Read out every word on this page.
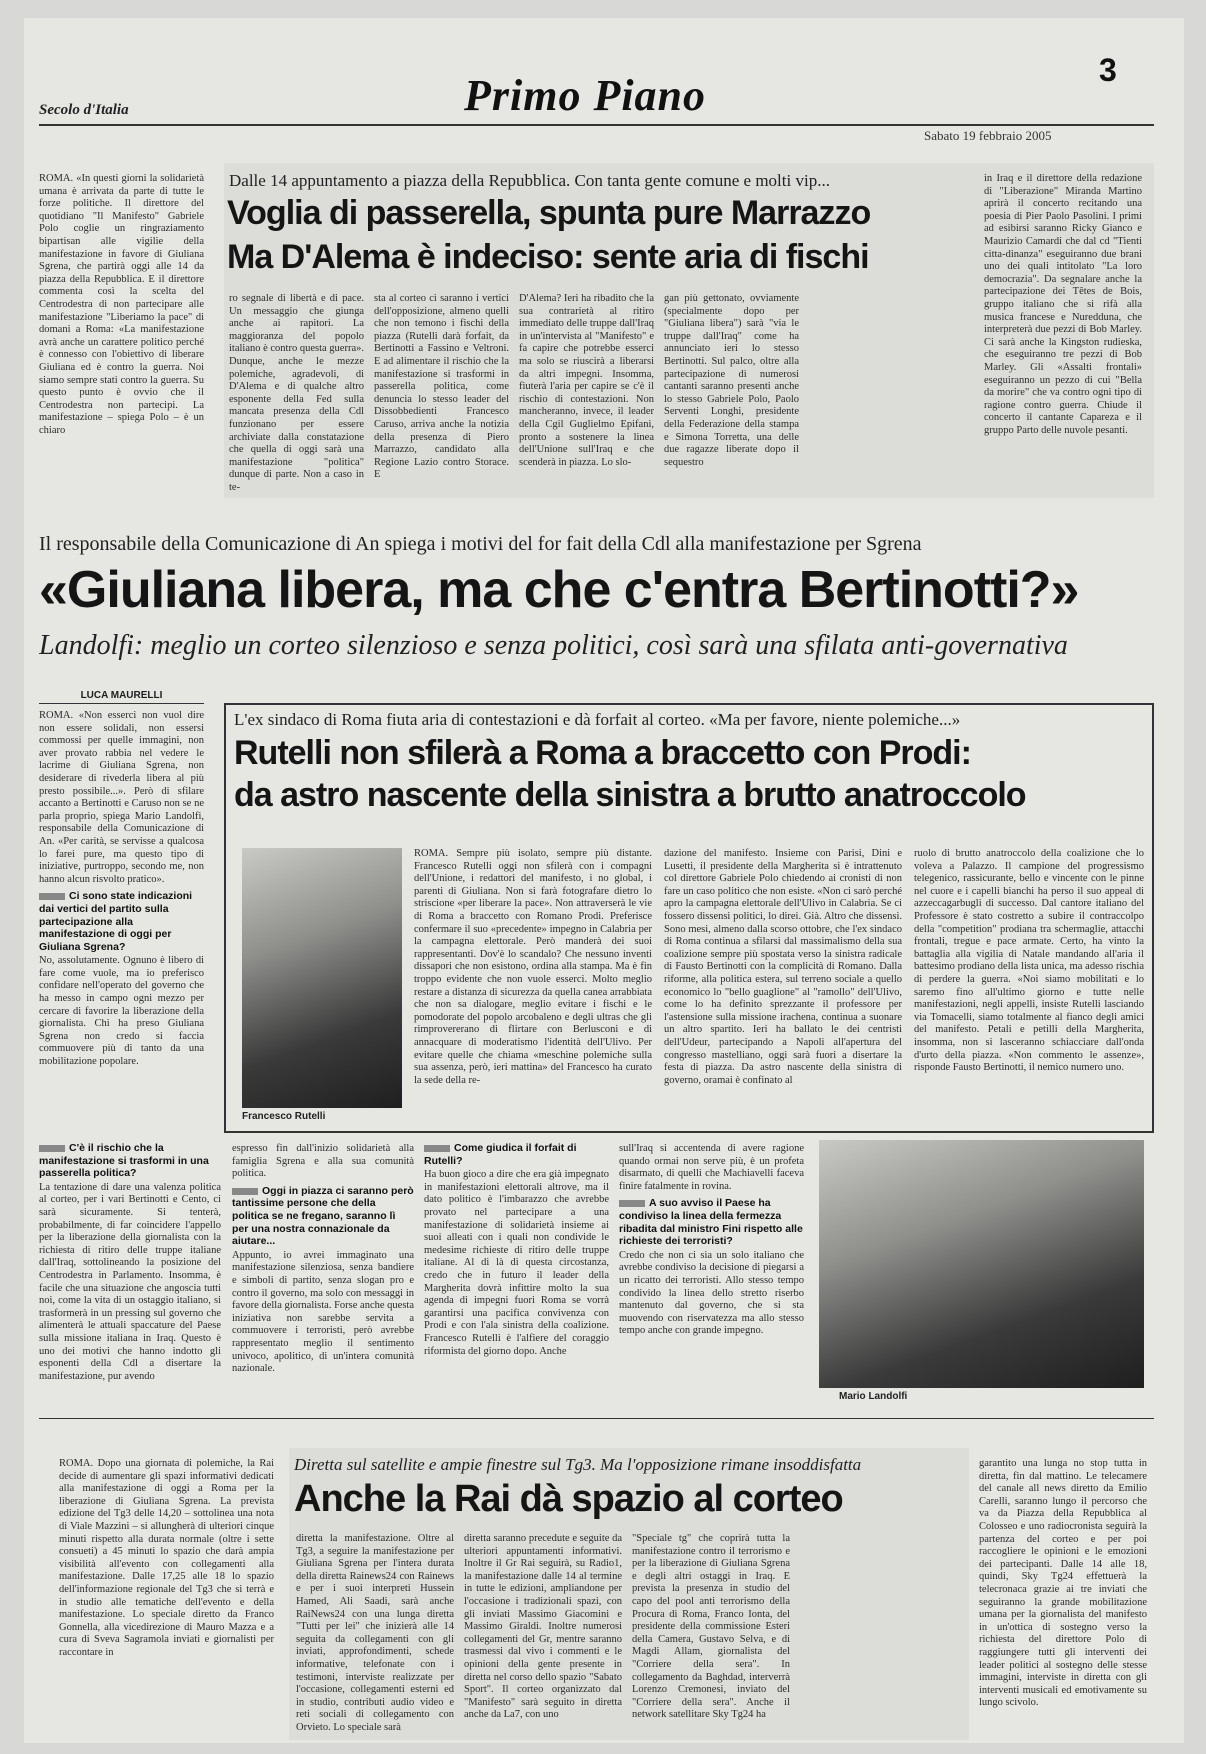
Secolo d'Italia	Primo Piano
3
Sabato 19 febbraio 2005

ROMA. «In questi giorni la solidarietà umana è arrivata da parte di tutte le forze politiche. Il direttore del quotidiano "Il Manifesto" Gabriele Polo coglie un ringraziamento bipartisan alle vigilie della manifestazione in favore di Giuliana Sgrena, che partirà oggi alle 14 da piazza della Repubblica. E il direttore commenta così la scelta del Centrodestra di non partecipare alle manifestazione "Liberiamo la pace" di domani a Roma: «La manifestazione avrà anche un carattere politico perché è connesso con l'obiettivo di liberare Giuliana ed è contro la guerra. Noi siamo sempre stati contro la guerra. Su questo punto è ovvio che il Centrodestra non partecipi. La manifestazione – spiega Polo – è un chiaro

Dalle 14 appuntamento a piazza della Repubblica. Con tanta gente comune e molti vip...
Voglia di passerella, spunta pure Marrazzo
Ma D'Alema è indeciso: sente aria di fischi

ro segnale di libertà e di pace. Un messaggio che giunga anche ai rapitori. La maggioranza del popolo italiano è contro questa guerra». Dunque, anche le mezze polemiche, agradevoli, di D'Alema e di qualche altro esponente della Fed sulla mancata presenza della Cdl funzionano per essere archiviate dalla constatazione che quella di oggi sarà una manifestazione "politica" dunque di parte. Non a caso in te-

sta al corteo ci saranno i vertici dell'opposizione, almeno quelli che non temono i fischi della piazza (Rutelli darà forfait, da Bertinotti a Fassino e Veltroni. E ad alimentare il rischio che la manifestazione si trasformi in passerella politica, come denuncia lo stesso leader del Dissobbedienti Francesco Caruso, arriva anche la notizia della presenza di Piero Marrazzo, candidato alla Regione Lazio contro Storace. E

D'Alema? Ieri ha ribadito che la sua contrarietà al ritiro immediato delle truppe dall'Iraq in un'intervista al "Manifesto" e fa capire che potrebbe esserci ma solo se riuscirà a liberarsi da altri impegni. Insomma, fiuterà l'aria per capire se c'è il rischio di contestazioni. Non mancheranno, invece, il leader della Cgil Guglielmo Epifani, pronto a sostenere la linea dell'Unione sull'Iraq e che scenderà in piazza. Lo slo-

gan più gettonato, ovviamente (specialmente dopo per "Giuliana libera") sarà "via le truppe dall'Iraq" come ha annunciato ieri lo stesso Bertinotti. Sul palco, oltre alla partecipazione di numerosi cantanti saranno presenti anche lo stesso Gabriele Polo, Paolo Serventi Longhi, presidente della Federazione della stampa e Simona Torretta, una delle due ragazze liberate dopo il sequestro

in Iraq e il direttore della redazione di "Liberazione" Miranda Martino aprirà il concerto recitando una poesia di Pier Paolo Pasolini. I primi ad esibirsi saranno Ricky Gianco e Maurizio Camardi che dal cd "Tienti citta-dinanza" eseguiranno due brani uno dei quali intitolato "La loro democrazia". Da segnalare anche la partecipazione dei Têtes de Bois, gruppo italiano che si rifà alla musica francese e Nuredduna, che interpreterà due pezzi di Bob Marley. Ci sarà anche la Kingston rudieska, che eseguiranno tre pezzi di Bob Marley. Gli «Assalti frontali» eseguiranno un pezzo di cui "Bella da morire" che va contro ogni tipo di ragione contro guerra. Chiude il concerto il cantante Capareza e il gruppo Parto delle nuvole pesanti.

Il responsabile della Comunicazione di An spiega i motivi del for fait della Cdl alla manifestazione per Sgrena
«Giuliana libera, ma che c'entra Bertinotti?»
Landolfi: meglio un corteo silenzioso e senza politici, così sarà una sfilata anti-governativa
LUCA MAURELLI

ROMA. «Non esserci non vuol dire non essere solidali, non essersi commossi per quelle immagini, non aver provato rabbia nel vedere le lacrime di Giuliana Sgrena, non desiderare di rivederla libera al più presto possibile...». Però di sfilare accanto a Bertinotti e Caruso non se ne parla proprio, spiega Mario Landolfi, responsabile della Comunicazione di An. «Per carità, se servisse a qualcosa lo farei pure, ma questo tipo di iniziative, purtroppo, secondo me, non hanno alcun risvolto pratico».

Ci sono state indicazioni dai vertici del partito sulla partecipazione alla manifestazione di oggi per Giuliana Sgrena?

No, assolutamente. Ognuno è libero di fare come vuole, ma io preferisco confidare nell'operato del governo che ha messo in campo ogni mezzo per cercare di favorire la liberazione della giornalista. Chi ha preso Giuliana Sgrena non credo si faccia commuovere più di tanto da una mobilitazione popolare.

L'ex sindaco di Roma fiuta aria di contestazioni e dà forfait al corteo. «Ma per favore, niente polemiche...»
Rutelli non sfilerà a Roma a braccetto con Prodi:
da astro nascente della sinistra a brutto anatroccolo
Francesco Rutelli

ROMA. Sempre più isolato, sempre più distante. Francesco Rutelli oggi non sfilerà con i compagni dell'Unione, i redattori del manifesto, i no global, i parenti di Giuliana. Non si farà fotografare dietro lo striscione «per liberare la pace». Non attraverserà le vie di Roma a braccetto con Romano Prodi. Preferisce confermare il suo «precedente» impegno in Calabria per la campagna elettorale. Però manderà dei suoi rappresentanti. Dov'è lo scandalo? Che nessuno inventi dissapori che non esistono, ordina alla stampa. Ma è fin troppo evidente che non vuole esserci. Molto meglio restare a distanza di sicurezza da quella canea arrabbiata che non sa dialogare, meglio evitare i fischi e le pomodorate del popolo arcobaleno e degli ultras che gli rimprovererano di flirtare con Berlusconi e di annacquare di moderatismo l'identità dell'Ulivo. Per evitare quelle che chiama «meschine polemiche sulla sua assenza, però, ieri mattina» del Francesco ha curato la sede della re-

dazione del manifesto. Insieme con Parisi, Dini e Lusetti, il presidente della Margherita si è intrattenuto col direttore Gabriele Polo chiedendo ai cronisti di non fare un caso politico che non esiste. «Non ci sarò perché apro la campagna elettorale dell'Ulivo in Calabria. Se ci fossero dissensi politici, lo direi. Già. Altro che dissensi. Sono mesi, almeno dalla scorso ottobre, che l'ex sindaco di Roma continua a sfilarsi dal massimalismo della sua coalizione sempre più spostata verso la sinistra radicale di Fausto Bertinotti con la complicità di Romano. Dalla riforme, alla politica estera, sul terreno sociale a quello economico lo "bello guaglione" al "ramollo" dell'Ulivo, come lo ha definito sprezzante il professore per l'astensione sulla missione irachena, continua a suonare un altro spartito. Ieri ha ballato le dei centristi dell'Udeur, partecipando a Napoli all'apertura del congresso mastelliano, oggi sarà fuori a disertare la festa di piazza. Da astro nascente della sinistra di governo, oramai è confinato al

ruolo di brutto anatroccolo della coalizione che lo voleva a Palazzo. Il campione del progressismo telegenico, rassicurante, bello e vincente con le pinne nel cuore e i capelli bianchi ha perso il suo appeal di azzeccagarbugli di successo. Dal cantore italiano del Professore è stato costretto a subire il contraccolpo della "competition" prodiana tra schermaglie, attacchi frontali, tregue e pace armate. Certo, ha vinto la battaglia alla vigilia di Natale mandando all'aria il battesimo prodiano della lista unica, ma adesso rischia di perdere la guerra. «Noi siamo mobilitati e lo saremo fino all'ultimo giorno e tutte nelle manifestazioni, negli appelli, insiste Rutelli lasciando via Tomacelli, siamo totalmente al fianco degli amici del manifesto. Petali e petilli della Margherita, insomma, non si lasceranno schiacciare dall'onda d'urto della piazza. «Non commento le assenze», risponde Fausto Bertinotti, il nemico numero uno.

C'è il rischio che la manifestazione si trasformi in una passerella politica?

La tentazione di dare una valenza politica al corteo, per i vari Bertinotti e Cento, ci sarà sicuramente. Si tenterà, probabilmente, di far coincidere l'appello per la liberazione della giornalista con la richiesta di ritiro delle truppe italiane dall'Iraq, sottolineando la posizione del Centrodestra in Parlamento. Insomma, è facile che una situazione che angoscia tutti noi, come la vita di un ostaggio italiano, si trasformerà in un pressing sul governo che alimenterà le attuali spaccature del Paese sulla missione italiana in Iraq. Questo è uno dei motivi che hanno indotto gli esponenti della Cdl a disertare la manifestazione, pur avendo

espresso fin dall'inizio solidarietà alla famiglia Sgrena e alla sua comunità politica.

Oggi in piazza ci saranno però tantissime persone che della politica se ne fregano, saranno lì per una nostra connazionale da aiutare...

Appunto, io avrei immaginato una manifestazione silenziosa, senza bandiere e simboli di partito, senza slogan pro e contro il governo, ma solo con messaggi in favore della giornalista. Forse anche questa iniziativa non sarebbe servita a commuovere i terroristi, però avrebbe rappresentato meglio il sentimento univoco, apolitico, di un'intera comunità nazionale.

Come giudica il forfait di Rutelli?

Ha buon gioco a dire che era già impegnato in manifestazioni elettorali altrove, ma il dato politico è l'imbarazzo che avrebbe provato nel partecipare a una manifestazione di solidarietà insieme ai suoi alleati con i quali non condivide le medesime richieste di ritiro delle truppe italiane. Al di là di questa circostanza, credo che in futuro il leader della Margherita dovrà infittire molto la sua agenda di impegni fuori Roma se vorrà garantirsi una pacifica convivenza con Prodi e con l'ala sinistra della coalizione. Francesco Rutelli è l'alfiere del coraggio riformista del giorno dopo. Anche

sull'Iraq si accentenda di avere ragione quando ormai non serve più, è un profeta disarmato, di quelli che Machiavelli faceva finire fatalmente in rovina.

A suo avviso il Paese ha condiviso la linea della fermezza ribadita dal ministro Fini rispetto alle richieste dei terroristi?

Credo che non ci sia un solo italiano che avrebbe condiviso la decisione di piegarsi a un ricatto dei terroristi. Allo stesso tempo condivido la linea dello stretto riserbo mantenuto dal governo, che si sta muovendo con riservatezza ma allo stesso tempo anche con grande impegno.

Mario Landolfi

ROMA. Dopo una giornata di polemiche, la Rai decide di aumentare gli spazi informativi dedicati alla manifestazione di oggi a Roma per la liberazione di Giuliana Sgrena. La prevista edizione del Tg3 delle 14,20 – sottolinea una nota di Viale Mazzini – si allungherà di ulteriori cinque minuti rispetto alla durata normale (oltre i sette consueti) a 45 minuti lo spazio che darà ampia visibilità all'evento con collegamenti alla manifestazione. Dalle 17,25 alle 18 lo spazio dell'informazione regionale del Tg3 che si terrà e in studio alle tematiche dell'evento e della manifestazione. Lo speciale diretto da Franco Gonnella, alla vicedirezione di Mauro Mazza e a cura di Sveva Sagramola inviati e giornalisti per raccontare in

Diretta sul satellite e ampie finestre sul Tg3. Ma l'opposizione rimane insoddisfatta
Anche la Rai dà spazio al corteo

diretta la manifestazione. Oltre al Tg3, a seguire la manifestazione per Giuliana Sgrena per l'intera durata della diretta Rainews24 con Rainews e per i suoi interpreti Hussein Hamed, Ali Saadi, sarà anche RaiNews24 con una lunga diretta "Tutti per lei" che inizierà alle 14 seguita da collegamenti con gli inviati, approfondimenti, schede informative, telefonate con i testimoni, interviste realizzate per l'occasione, collegamenti esterni ed in studio, contributi audio video e reti sociali di collegamento con Orvieto. Lo speciale sarà

diretta saranno precedute e seguite da ulteriori appuntamenti informativi. Inoltre il Gr Rai seguirà, su Radio1, la manifestazione dalle 14 al termine in tutte le edizioni, ampliandone per l'occasione i tradizionali spazi, con gli inviati Massimo Giacomini e Massimo Giraldi. Inoltre numerosi collegamenti del Gr, mentre saranno trasmessi dal vivo i commenti e le opinioni della gente presente in diretta nel corso dello spazio "Sabato Sport". Il corteo organizzato dal "Manifesto" sarà seguito in diretta anche da La7, con uno

"Speciale tg" che coprirà tutta la manifestazione contro il terrorismo e per la liberazione di Giuliana Sgrena e degli altri ostaggi in Iraq. E prevista la presenza in studio del capo del pool anti terrorismo della Procura di Roma, Franco Ionta, del presidente della commissione Esteri della Camera, Gustavo Selva, e di Magdi Allam, giornalista del "Corriere della sera". In collegamento da Baghdad, interverrà Lorenzo Cremonesi, inviato del "Corriere della sera". Anche il network satellitare Sky Tg24 ha

garantito una lunga no stop tutta in diretta, fin dal mattino. Le telecamere del canale all news diretto da Emilio Carelli, saranno lungo il percorso che va da Piazza della Repubblica al Colosseo e uno radiocronista seguirà la partenza del corteo e per poi raccogliere le opinioni e le emozioni dei partecipanti. Dalle 14 alle 18, quindi, Sky Tg24 effettuerà la telecronaca grazie ai tre inviati che seguiranno la grande mobilitazione umana per la giornalista del manifesto in un'ottica di sostegno verso la richiesta del direttore Polo di raggiungere tutti gli interventi dei leader politici al sostegno delle stesse immagini, interviste in diretta con gli interventi musicali ed emotivamente su lungo scivolo.
